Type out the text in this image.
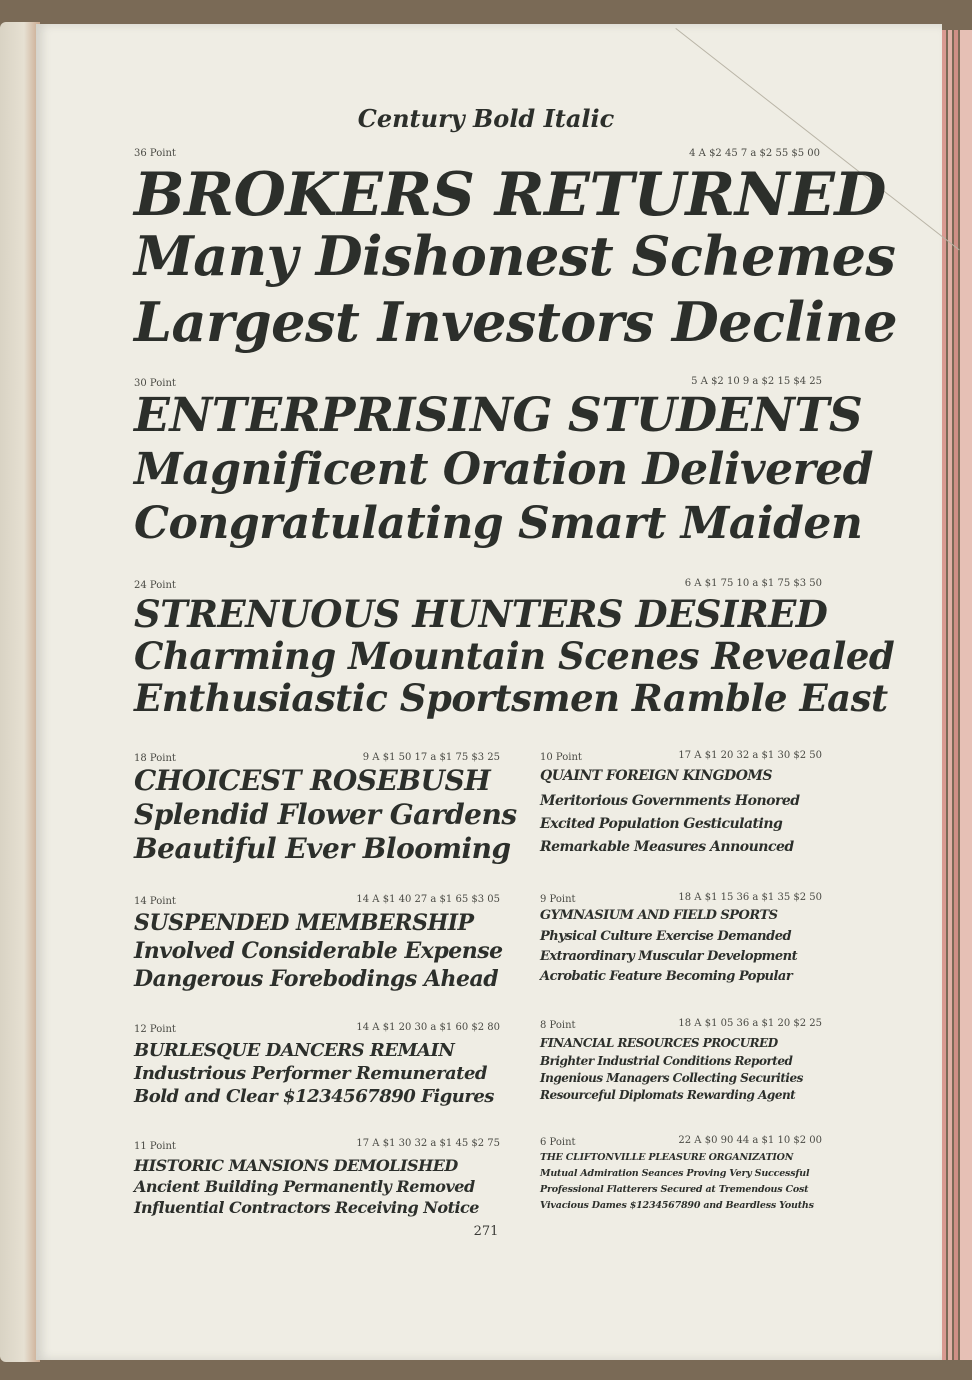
Century Bold Italic
36 Point	4 A $2 45 7 a $2 55 $5 00
BROKERS RETURNED
Many Dishonest Schemes
Largest Investors Decline
30 Point	5 A $2 10 9 a $2 15 $4 25
ENTERPRISING STUDENTS
Magnificent Oration Delivered
Congratulating Smart Maiden
24 Point	6 A $1 75 10 a $1 75 $3 50
STRENUOUS HUNTERS DESIRED
Charming Mountain Scenes Revealed
Enthusiastic Sportsmen Ramble East
18 Point	9 A $1 50 17 a $1 75 $3 25
CHOICEST ROSEBUSH
Splendid Flower Gardens
Beautiful Ever Blooming
14 Point	14 A $1 40 27 a $1 65 $3 05
SUSPENDED MEMBERSHIP
Involved Considerable Expense
Dangerous Forebodings Ahead
12 Point	14 A $1 20 30 a $1 60 $2 80
BURLESQUE DANCERS REMAIN
Industrious Performer Remunerated
Bold and Clear $1234567890 Figures
11 Point	17 A $1 30 32 a $1 45 $2 75
HISTORIC MANSIONS DEMOLISHED
Ancient Building Permanently Removed
Influential Contractors Receiving Notice
10 Point	17 A $1 20 32 a $1 30 $2 50
QUAINT FOREIGN KINGDOMS
Meritorious Governments Honored
Excited Population Gesticulating
Remarkable Measures Announced
9 Point	18 A $1 15 36 a $1 35 $2 50
GYMNASIUM AND FIELD SPORTS
Physical Culture Exercise Demanded
Extraordinary Muscular Development
Acrobatic Feature Becoming Popular
8 Point	18 A $1 05 36 a $1 20 $2 25
FINANCIAL RESOURCES PROCURED
Brighter Industrial Conditions Reported
Ingenious Managers Collecting Securities
Resourceful Diplomats Rewarding Agent
6 Point	22 A $0 90 44 a $1 10 $2 00
THE CLIFTONVILLE PLEASURE ORGANIZATION
Mutual Admiration Seances Proving Very Successful
Professional Flatterers Secured at Tremendous Cost
Vivacious Dames $1234567890 and Beardless Youths
271
